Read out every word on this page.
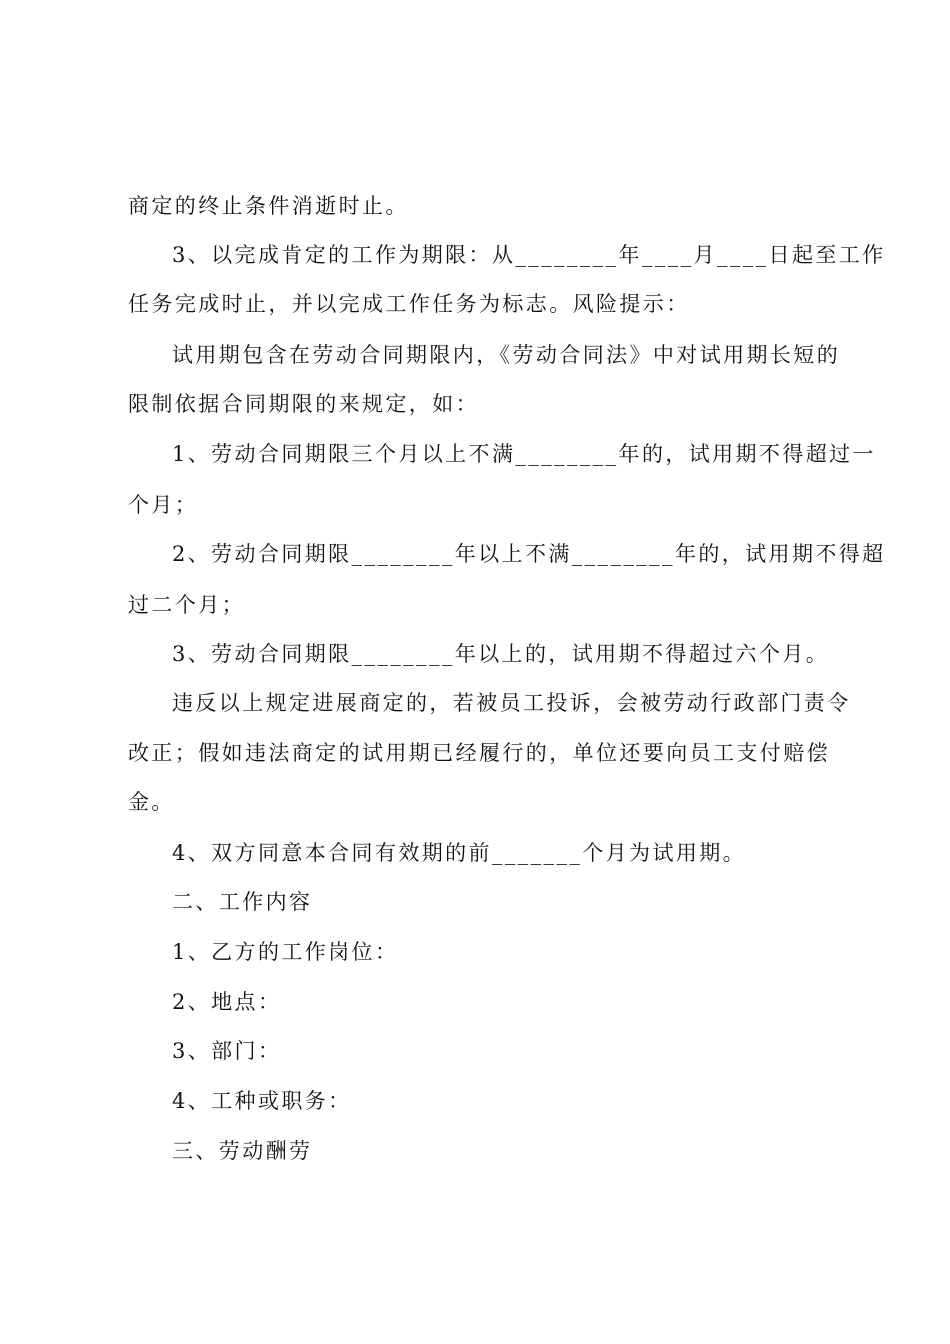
商定的终止条件消逝时止。
3、以完成肯定的工作为期限：从________年____月____日起至工作
任务完成时止，并以完成工作任务为标志。风险提示：
试用期包含在劳动合同期限内，《劳动合同法》中对试用期长短的
限制依据合同期限的来规定，如：
1、劳动合同期限三个月以上不满________年的，试用期不得超过一
个月；
2、劳动合同期限________年以上不满________年的，试用期不得超
过二个月；
3、劳动合同期限________年以上的，试用期不得超过六个月。
违反以上规定进展商定的，若被员工投诉，会被劳动行政部门责令
改正；假如违法商定的试用期已经履行的，单位还要向员工支付赔偿
金。
4、双方同意本合同有效期的前_______个月为试用期。
二、工作内容
1、乙方的工作岗位：
2、地点：
3、部门：
4、工种或职务：
三、劳动酬劳
